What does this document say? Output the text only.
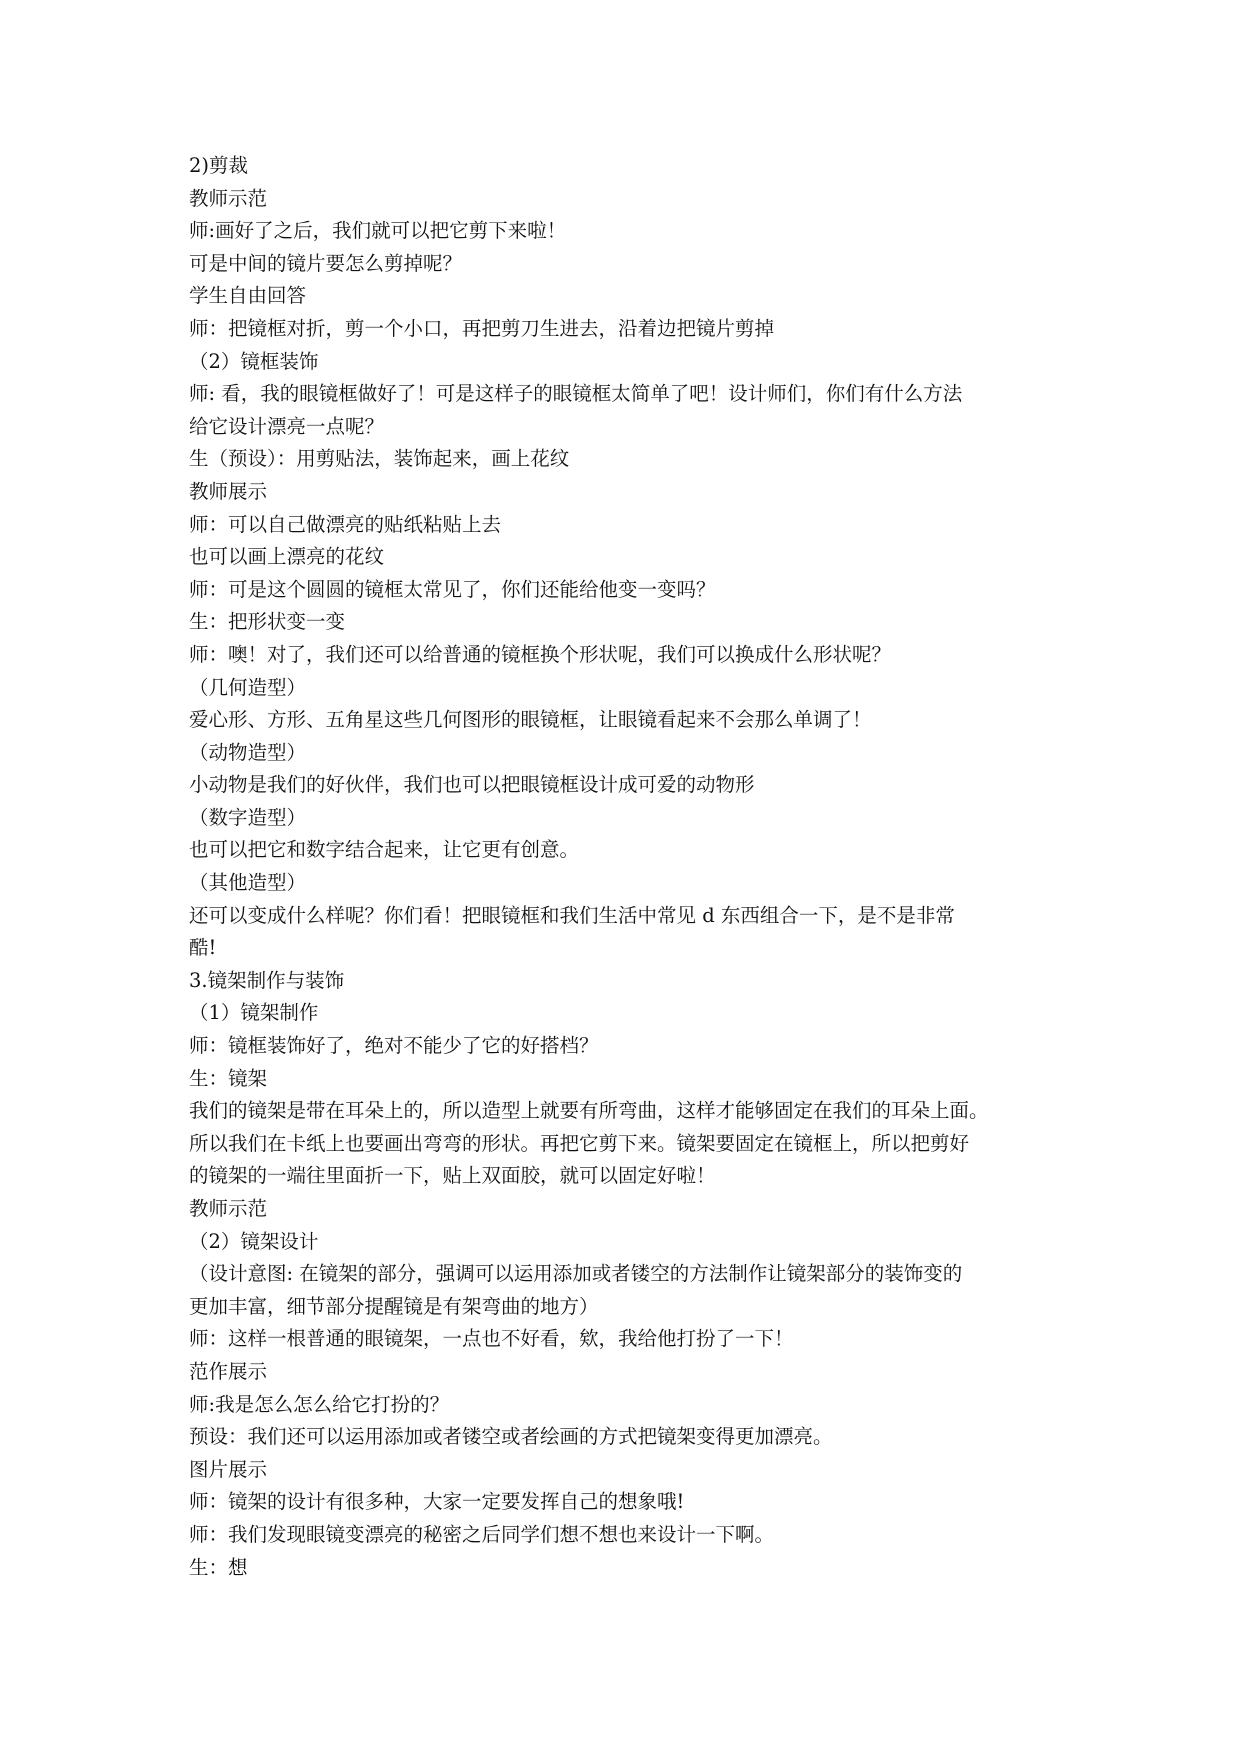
2)剪裁
教师示范
师:画好了之后，我们就可以把它剪下来啦！
可是中间的镜片要怎么剪掉呢？
学生自由回答
师：把镜框对折，剪一个小口，再把剪刀生进去，沿着边把镜片剪掉
（2）镜框装饰
师: 看，我的眼镜框做好了！可是这样子的眼镜框太简单了吧！设计师们，你们有什么方法
给它设计漂亮一点呢？
生（预设）：用剪贴法，装饰起来，画上花纹
教师展示
师：可以自己做漂亮的贴纸粘贴上去
也可以画上漂亮的花纹
师：可是这个圆圆的镜框太常见了，你们还能给他变一变吗？
生：把形状变一变
师：噢！对了，我们还可以给普通的镜框换个形状呢，我们可以换成什么形状呢？
（几何造型）
爱心形、方形、五角星这些几何图形的眼镜框，让眼镜看起来不会那么单调了！
（动物造型）
小动物是我们的好伙伴，我们也可以把眼镜框设计成可爱的动物形
（数字造型）
也可以把它和数字结合起来，让它更有创意。
（其他造型）
还可以变成什么样呢？你们看！把眼镜框和我们生活中常见 d 东西组合一下，是不是非常
酷!
3.镜架制作与装饰
（1）镜架制作
师：镜框装饰好了，绝对不能少了它的好搭档？
生：镜架
我们的镜架是带在耳朵上的，所以造型上就要有所弯曲，这样才能够固定在我们的耳朵上面。
所以我们在卡纸上也要画出弯弯的形状。再把它剪下来。镜架要固定在镜框上，所以把剪好
的镜架的一端往里面折一下，贴上双面胶，就可以固定好啦！
教师示范
（2）镜架设计
（设计意图: 在镜架的部分，强调可以运用添加或者镂空的方法制作让镜架部分的装饰变的
更加丰富，细节部分提醒镜是有架弯曲的地方）
师：这样一根普通的眼镜架，一点也不好看，欸，我给他打扮了一下！
范作展示
师:我是怎么怎么给它打扮的？
预设：我们还可以运用添加或者镂空或者绘画的方式把镜架变得更加漂亮。
图片展示
师：镜架的设计有很多种，大家一定要发挥自己的想象哦!
师：我们发现眼镜变漂亮的秘密之后同学们想不想也来设计一下啊。
生：想
